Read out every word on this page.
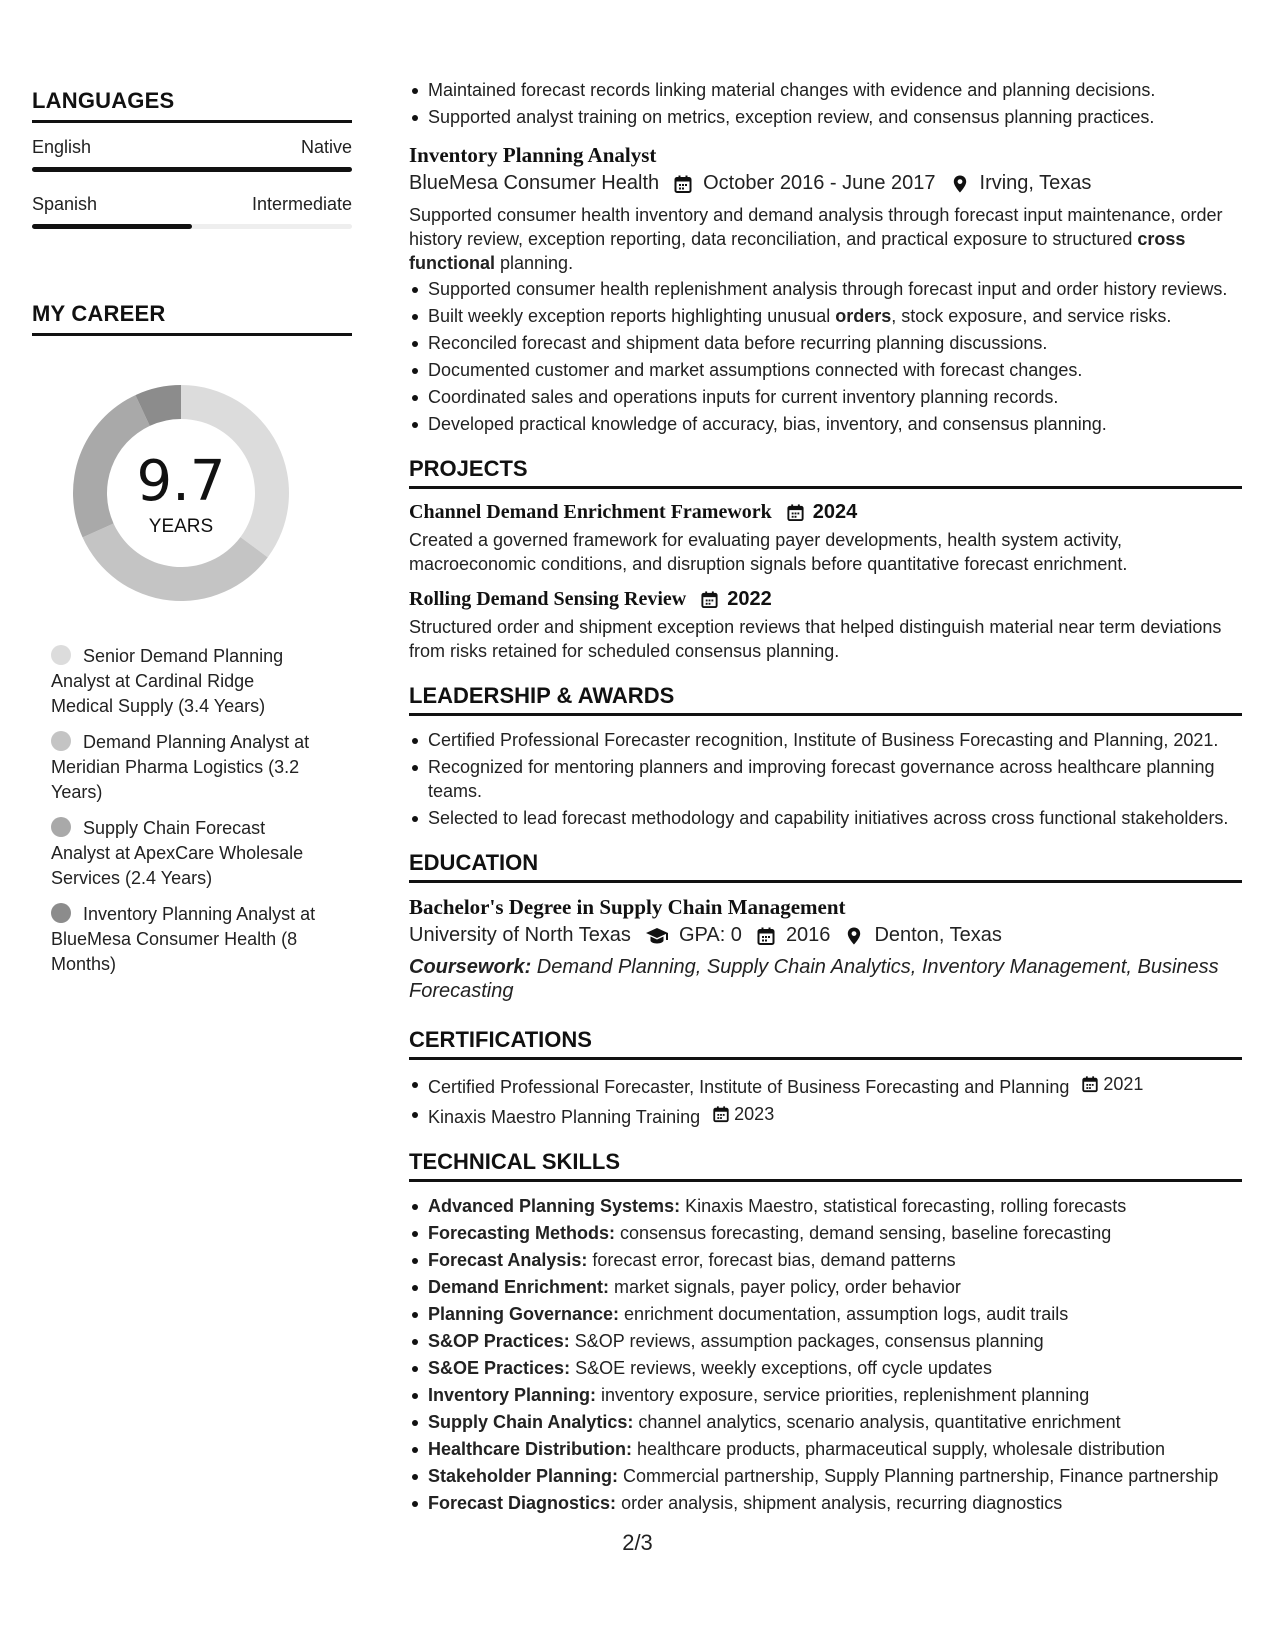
LANGUAGES
English	Native
Spanish	Intermediate
MY CAREER
9.7
YEARS
Senior Demand Planning Analyst at Cardinal Ridge Medical Supply (3.4 Years)
Demand Planning Analyst at Meridian Pharma Logistics (3.2 Years)
Supply Chain Forecast Analyst at ApexCare Wholesale Services (2.4 Years)
Inventory Planning Analyst at BlueMesa Consumer Health (8 Months)
Maintained forecast records linking material changes with evidence and planning decisions.
Supported analyst training on metrics, exception review, and consensus planning practices.
Inventory Planning Analyst
BlueMesa Consumer Health October 2016 - June 2017 Irving, Texas

Supported consumer health inventory and demand analysis through forecast input maintenance, order history review, exception reporting, data reconciliation, and practical exposure to structured cross functional planning.

Supported consumer health replenishment analysis through forecast input and order history reviews.
Built weekly exception reports highlighting unusual orders, stock exposure, and service risks.
Reconciled forecast and shipment data before recurring planning discussions.
Documented customer and market assumptions connected with forecast changes.
Coordinated sales and operations inputs for current inventory planning records.
Developed practical knowledge of accuracy, bias, inventory, and consensus planning.
PROJECTS
Channel Demand Enrichment Framework 2024

Created a governed framework for evaluating payer developments, health system activity, macroeconomic conditions, and disruption signals before quantitative forecast enrichment.

Rolling Demand Sensing Review 2022

Structured order and shipment exception reviews that helped distinguish material near term deviations from risks retained for scheduled consensus planning.

LEADERSHIP & AWARDS
Certified Professional Forecaster recognition, Institute of Business Forecasting and Planning, 2021.
Recognized for mentoring planners and improving forecast governance across healthcare planning teams.
Selected to lead forecast methodology and capability initiatives across cross functional stakeholders.
EDUCATION
Bachelor's Degree in Supply Chain Management
University of North Texas GPA: 0 2016 Denton, Texas

Coursework: Demand Planning, Supply Chain Analytics, Inventory Management, Business Forecasting

CERTIFICATIONS
Certified Professional Forecaster, Institute of Business Forecasting and Planning 2021
Kinaxis Maestro Planning Training 2023
TECHNICAL SKILLS
Advanced Planning Systems: Kinaxis Maestro, statistical forecasting, rolling forecasts
Forecasting Methods: consensus forecasting, demand sensing, baseline forecasting
Forecast Analysis: forecast error, forecast bias, demand patterns
Demand Enrichment: market signals, payer policy, order behavior
Planning Governance: enrichment documentation, assumption logs, audit trails
S&OP Practices: S&OP reviews, assumption packages, consensus planning
S&OE Practices: S&OE reviews, weekly exceptions, off cycle updates
Inventory Planning: inventory exposure, service priorities, replenishment planning
Supply Chain Analytics: channel analytics, scenario analysis, quantitative enrichment
Healthcare Distribution: healthcare products, pharmaceutical supply, wholesale distribution
Stakeholder Planning: Commercial partnership, Supply Planning partnership, Finance partnership
Forecast Diagnostics: order analysis, shipment analysis, recurring diagnostics
2/3
